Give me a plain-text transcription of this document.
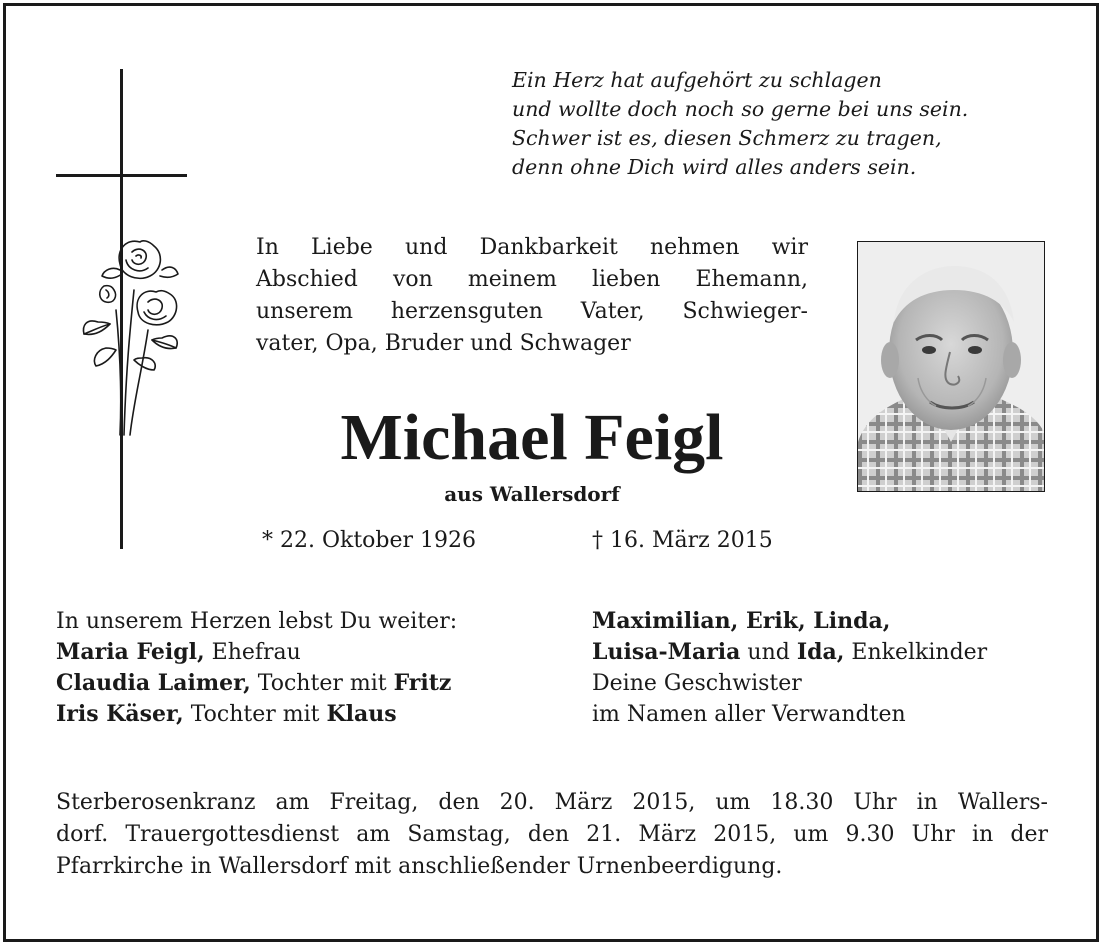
Ein Herz hat aufgehört zu schlagen
und wollte doch noch so gerne bei uns sein.
Schwer ist es, diesen Schmerz zu tragen,
denn ohne Dich wird alles anders sein.
In Liebe und Dankbarkeit nehmen wir
Abschied von meinem lieben Ehemann,
unserem herzensguten Vater, Schwieger-
vater, Opa, Bruder und Schwager
Michael Feigl
aus Wallersdorf
* 22. Oktober 1926	† 16. März 2015
In unserem Herzen lebst Du weiter:
Maria Feigl, Ehefrau
Claudia Laimer, Tochter mit Fritz
Iris Käser, Tochter mit Klaus
Maximilian, Erik, Linda,
Luisa-Maria und Ida, Enkelkinder
Deine Geschwister
im Namen aller Verwandten
Sterberosenkranz am Freitag, den 20. März 2015, um 18.30 Uhr in Wallers-
dorf. Trauergottesdienst am Samstag, den 21. März 2015, um 9.30 Uhr in der
Pfarrkirche in Wallersdorf mit anschließender Urnenbeerdigung.
